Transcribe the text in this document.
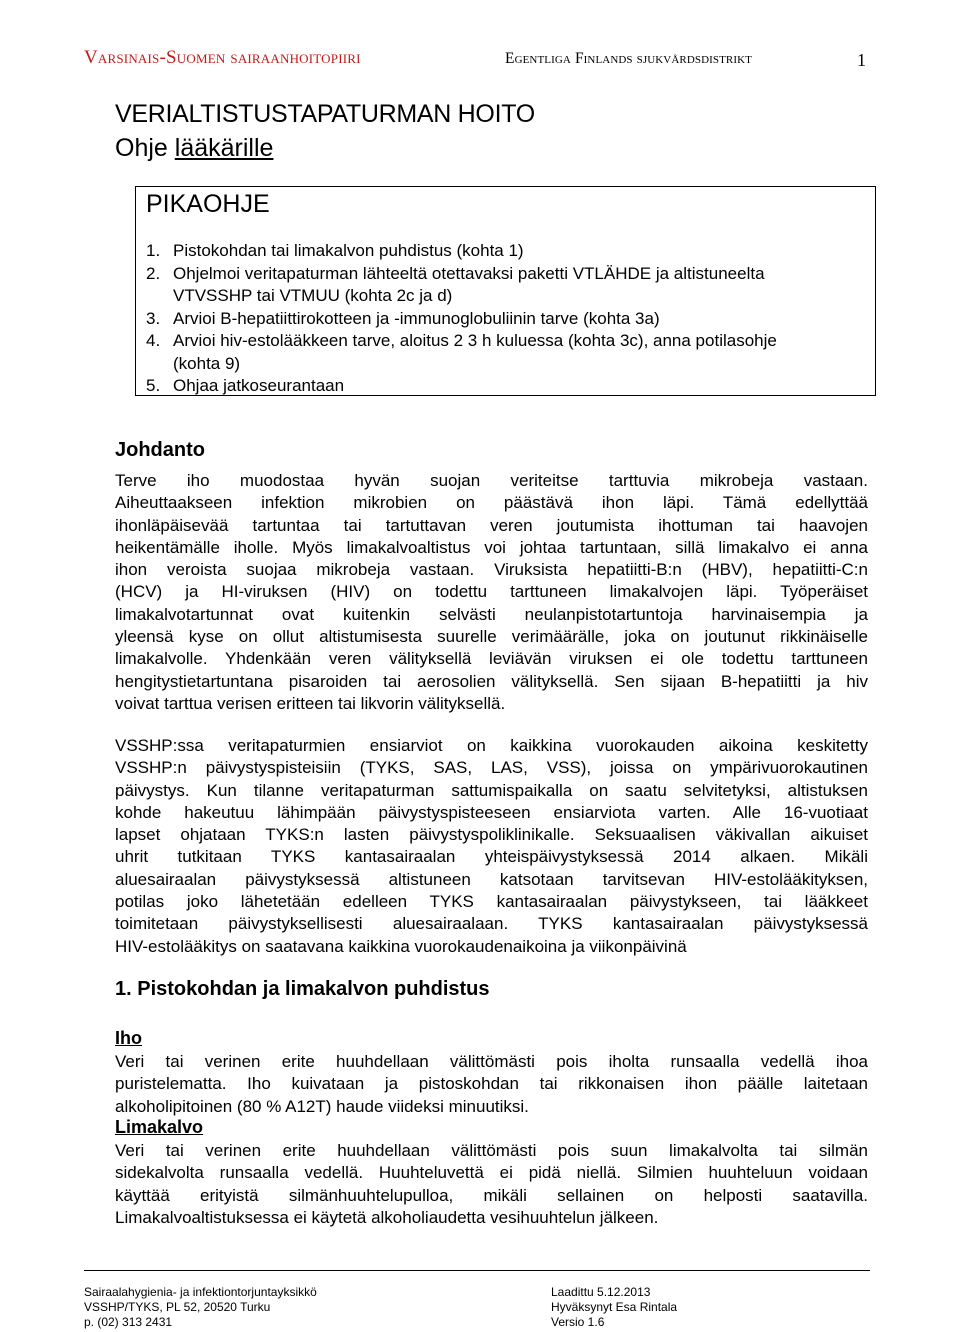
Varsinais-Suomen sairaanhoitopiiri	Egentliga Finlands sjukvårdsdistrikt	1
VERIALTISTUSTAPATURMAN HOITO
Ohje lääkärille
PIKAOHJE
1. Pistokohdan tai limakalvon puhdistus (kohta 1)
2. Ohjelmoi veritapaturman lähteeltä otettavaksi paketti VTLÄHDE ja altistuneelta
VTVSSHP tai VTMUU (kohta 2c ja d)
3. Arvioi B-hepatiittirokotteen ja -immunoglobuliinin tarve (kohta 3a)
4. Arvioi hiv-estolääkkeen tarve, aloitus 2 3 h kuluessa (kohta 3c), anna potilasohje
(kohta 9)
5. Ohjaa jatkoseurantaan
Johdanto
Terve iho muodostaa hyvän suojan veriteitse tarttuvia mikrobeja vastaan.
Aiheuttaakseen infektion mikrobien on päästävä ihon läpi. Tämä edellyttää
ihonläpäisevää tartuntaa tai tartuttavan veren joutumista ihottuman tai haavojen
heikentämälle iholle. Myös limakalvoaltistus voi johtaa tartuntaan, sillä limakalvo ei anna
ihon veroista suojaa mikrobeja vastaan. Viruksista hepatiitti-B:n (HBV), hepatiitti-C:n
(HCV) ja HI-viruksen (HIV) on todettu tarttuneen limakalvojen läpi. Työperäiset
limakalvotartunnat ovat kuitenkin selvästi neulanpistotartuntoja harvinaisempia ja
yleensä kyse on ollut altistumisesta suurelle verimäärälle, joka on joutunut rikkinäiselle
limakalvolle. Yhdenkään veren välityksellä leviävän viruksen ei ole todettu tarttuneen
hengitystietartuntana pisaroiden tai aerosolien välityksellä. Sen sijaan B-hepatiitti ja hiv
voivat tarttua verisen eritteen tai likvorin välityksellä.
VSSHP:ssa veritapaturmien ensiarviot on kaikkina vuorokauden aikoina keskitetty
VSSHP:n päivystyspisteisiin (TYKS, SAS, LAS, VSS), joissa on ympärivuorokautinen
päivystys. Kun tilanne veritapaturman sattumispaikalla on saatu selvitetyksi, altistuksen
kohde hakeutuu lähimpään päivystyspisteeseen ensiarviota varten. Alle 16-vuotiaat
lapset ohjataan TYKS:n lasten päivystyspoliklinikalle. Seksuaalisen väkivallan aikuiset
uhrit tutkitaan TYKS kantasairaalan yhteispäivystyksessä 2014 alkaen. Mikäli
aluesairaalan päivystyksessä altistuneen katsotaan tarvitsevan HIV-estolääkityksen,
potilas joko lähetetään edelleen TYKS kantasairaalan päivystykseen, tai lääkkeet
toimitetaan päivystyksellisesti aluesairaalaan. TYKS kantasairaalan päivystyksessä
HIV-estolääkitys on saatavana kaikkina vuorokaudenaikoina ja viikonpäivinä
1. Pistokohdan ja limakalvon puhdistus
Iho
Veri tai verinen erite huuhdellaan välittömästi pois iholta runsaalla vedellä ihoa
puristelematta. Iho kuivataan ja pistoskohdan tai rikkonaisen ihon päälle laitetaan
alkoholipitoinen (80 % A12T) haude viideksi minuutiksi.
Limakalvo
Veri tai verinen erite huuhdellaan välittömästi pois suun limakalvolta tai silmän
sidekalvolta runsaalla vedellä. Huuhteluvettä ei pidä niellä. Silmien huuhteluun voidaan
käyttää erityistä silmänhuuhtelupulloa, mikäli sellainen on helposti saatavilla.
Limakalvoaltistuksessa ei käytetä alkoholiaudetta vesihuuhtelun jälkeen.
Sairaalahygienia- ja infektiontorjuntayksikkö
VSSHP/TYKS, PL 52, 20520 Turku
p. (02) 313 2431
Laadittu 5.12.2013
Hyväksynyt Esa Rintala
Versio 1.6
